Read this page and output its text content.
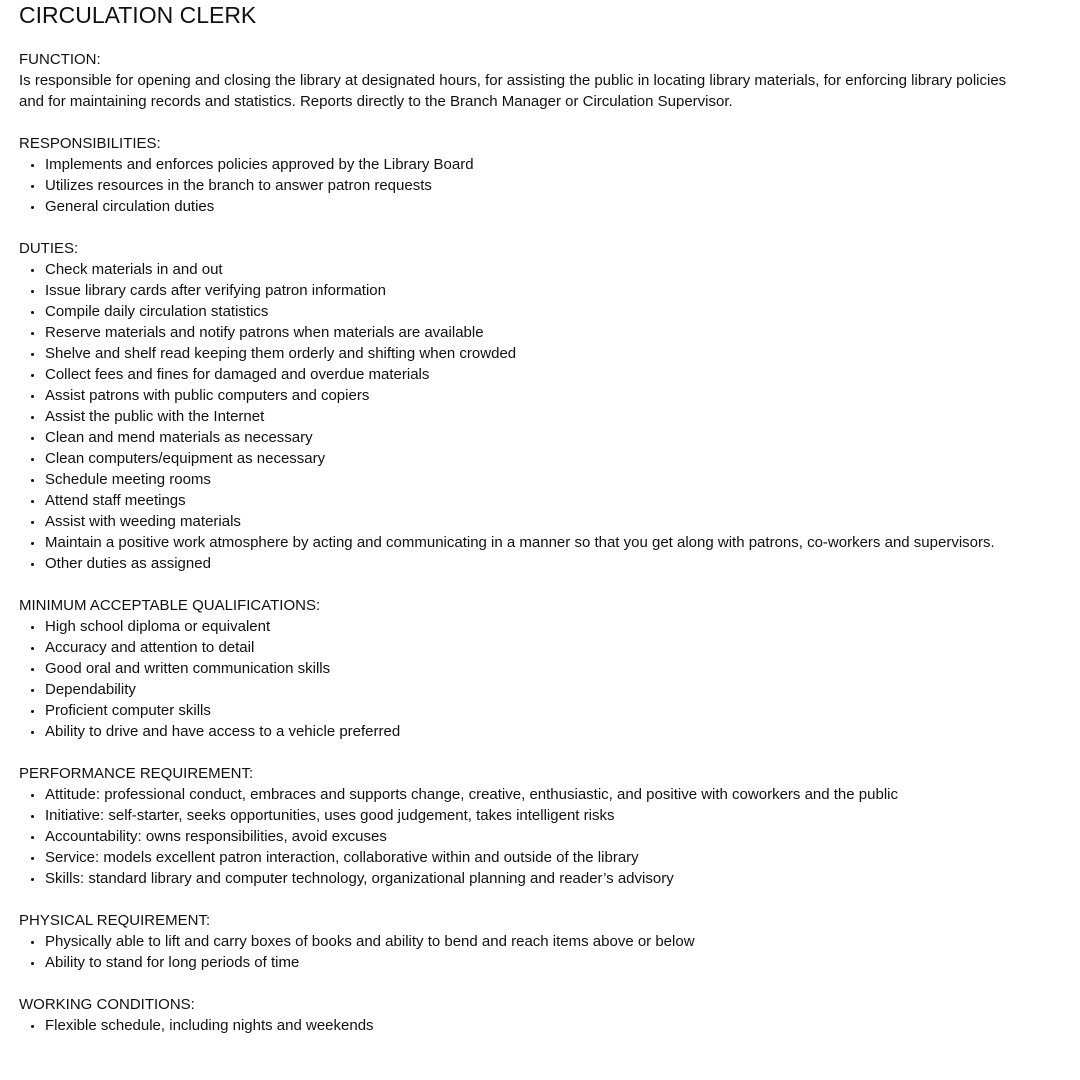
CIRCULATION CLERK

FUNCTION:

Is responsible for opening and closing the library at designated hours, for assisting the public in locating library materials, for enforcing library policies and for maintaining records and statistics. Reports directly to the Branch Manager or Circulation Supervisor.

RESPONSIBILITIES:

Implements and enforces policies approved by the Library Board
Utilizes resources in the branch to answer patron requests
General circulation duties

DUTIES:

Check materials in and out
Issue library cards after verifying patron information
Compile daily circulation statistics
Reserve materials and notify patrons when materials are available
Shelve and shelf read keeping them orderly and shifting when crowded
Collect fees and fines for damaged and overdue materials
Assist patrons with public computers and copiers
Assist the public with the Internet
Clean and mend materials as necessary
Clean computers/equipment as necessary
Schedule meeting rooms
Attend staff meetings
Assist with weeding materials
Maintain a positive work atmosphere by acting and communicating in a manner so that you get along with patrons, co-workers and supervisors.
Other duties as assigned

MINIMUM ACCEPTABLE QUALIFICATIONS:

High school diploma or equivalent
Accuracy and attention to detail
Good oral and written communication skills
Dependability
Proficient computer skills
Ability to drive and have access to a vehicle preferred

PERFORMANCE REQUIREMENT:

Attitude: professional conduct, embraces and supports change, creative, enthusiastic, and positive with coworkers and the public
Initiative: self-starter, seeks opportunities, uses good judgement, takes intelligent risks
Accountability: owns responsibilities, avoid excuses
Service: models excellent patron interaction, collaborative within and outside of the library
Skills: standard library and computer technology, organizational planning and reader’s advisory

PHYSICAL REQUIREMENT:

Physically able to lift and carry boxes of books and ability to bend and reach items above or below
Ability to stand for long periods of time

WORKING CONDITIONS:

Flexible schedule, including nights and weekends
